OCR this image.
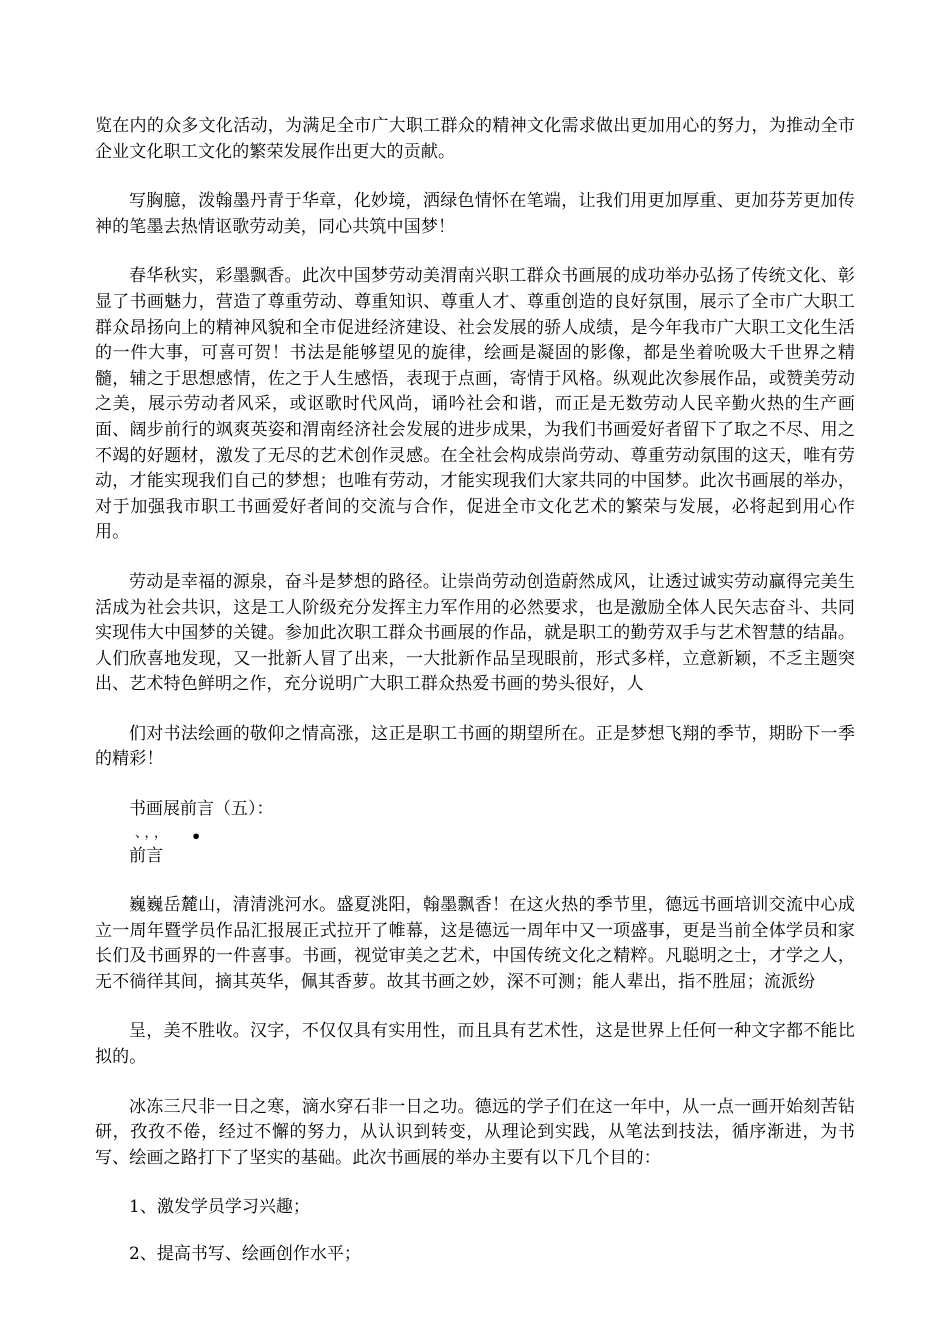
览在内的众多文化活动，为满足全市广大职工群众的精神文化需求做出更加用心的努力，为推动全市企业文化职工文化的繁荣发展作出更大的贡献。

写胸臆，泼翰墨丹青于华章，化妙境，洒绿色情怀在笔端，让我们用更加厚重、更加芬芳更加传神的笔墨去热情讴歌劳动美，同心共筑中国梦！

春华秋实，彩墨飘香。此次中国梦劳动美渭南兴职工群众书画展的成功举办弘扬了传统文化、彰显了书画魅力，营造了尊重劳动、尊重知识、尊重人才、尊重创造的良好氛围，展示了全市广大职工群众昂扬向上的精神风貌和全市促进经济建设、社会发展的骄人成绩，是今年我市广大职工文化生活的一件大事，可喜可贺！书法是能够望见的旋律，绘画是凝固的影像，都是坐着吮吸大千世界之精髓，辅之于思想感情，佐之于人生感悟，表现于点画，寄情于风格。纵观此次参展作品，或赞美劳动之美，展示劳动者风采，或讴歌时代风尚，诵吟社会和谐，而正是无数劳动人民辛勤火热的生产画面、阔步前行的飒爽英姿和渭南经济社会发展的进步成果，为我们书画爱好者留下了取之不尽、用之不竭的好题材，激发了无尽的艺术创作灵感。在全社会构成崇尚劳动、尊重劳动氛围的这天，唯有劳动，才能实现我们自己的梦想；也唯有劳动，才能实现我们大家共同的中国梦。此次书画展的举办，对于加强我市职工书画爱好者间的交流与合作，促进全市文化艺术的繁荣与发展，必将起到用心作用。

劳动是幸福的源泉，奋斗是梦想的路径。让崇尚劳动创造蔚然成风，让透过诚实劳动赢得完美生活成为社会共识，这是工人阶级充分发挥主力军作用的必然要求，也是激励全体人民矢志奋斗、共同实现伟大中国梦的关键。参加此次职工群众书画展的作品，就是职工的勤劳双手与艺术智慧的结晶。人们欣喜地发现，又一批新人冒了出来，一大批新作品呈现眼前，形式多样，立意新颖，不乏主题突出、艺术特色鲜明之作，充分说明广大职工群众热爱书画的势头很好，人

们对书法绘画的敬仰之情高涨，这正是职工书画的期望所在。正是梦想飞翔的季节，期盼下一季的精彩！

书画展前言（五）：

、，， •

前言

巍巍岳麓山，清清洮河水。盛夏洮阳，翰墨飘香！在这火热的季节里，德远书画培训交流中心成立一周年暨学员作品汇报展正式拉开了帷幕，这是德远一周年中又一项盛事，更是当前全体学员和家长们及书画界的一件喜事。书画，视觉审美之艺术，中国传统文化之精粹。凡聪明之士，才学之人，无不徜徉其间，摘其英华，佩其香萝。故其书画之妙，深不可测；能人辈出，指不胜屈；流派纷

呈，美不胜收。汉字，不仅仅具有实用性，而且具有艺术性，这是世界上任何一种文字都不能比拟的。

冰冻三尺非一日之寒，滴水穿石非一日之功。德远的学子们在这一年中，从一点一画开始刻苦钻研，孜孜不倦，经过不懈的努力，从认识到转变，从理论到实践，从笔法到技法，循序渐进，为书写、绘画之路打下了坚实的基础。此次书画展的举办主要有以下几个目的：

1、激发学员学习兴趣；

2、提高书写、绘画创作水平；
